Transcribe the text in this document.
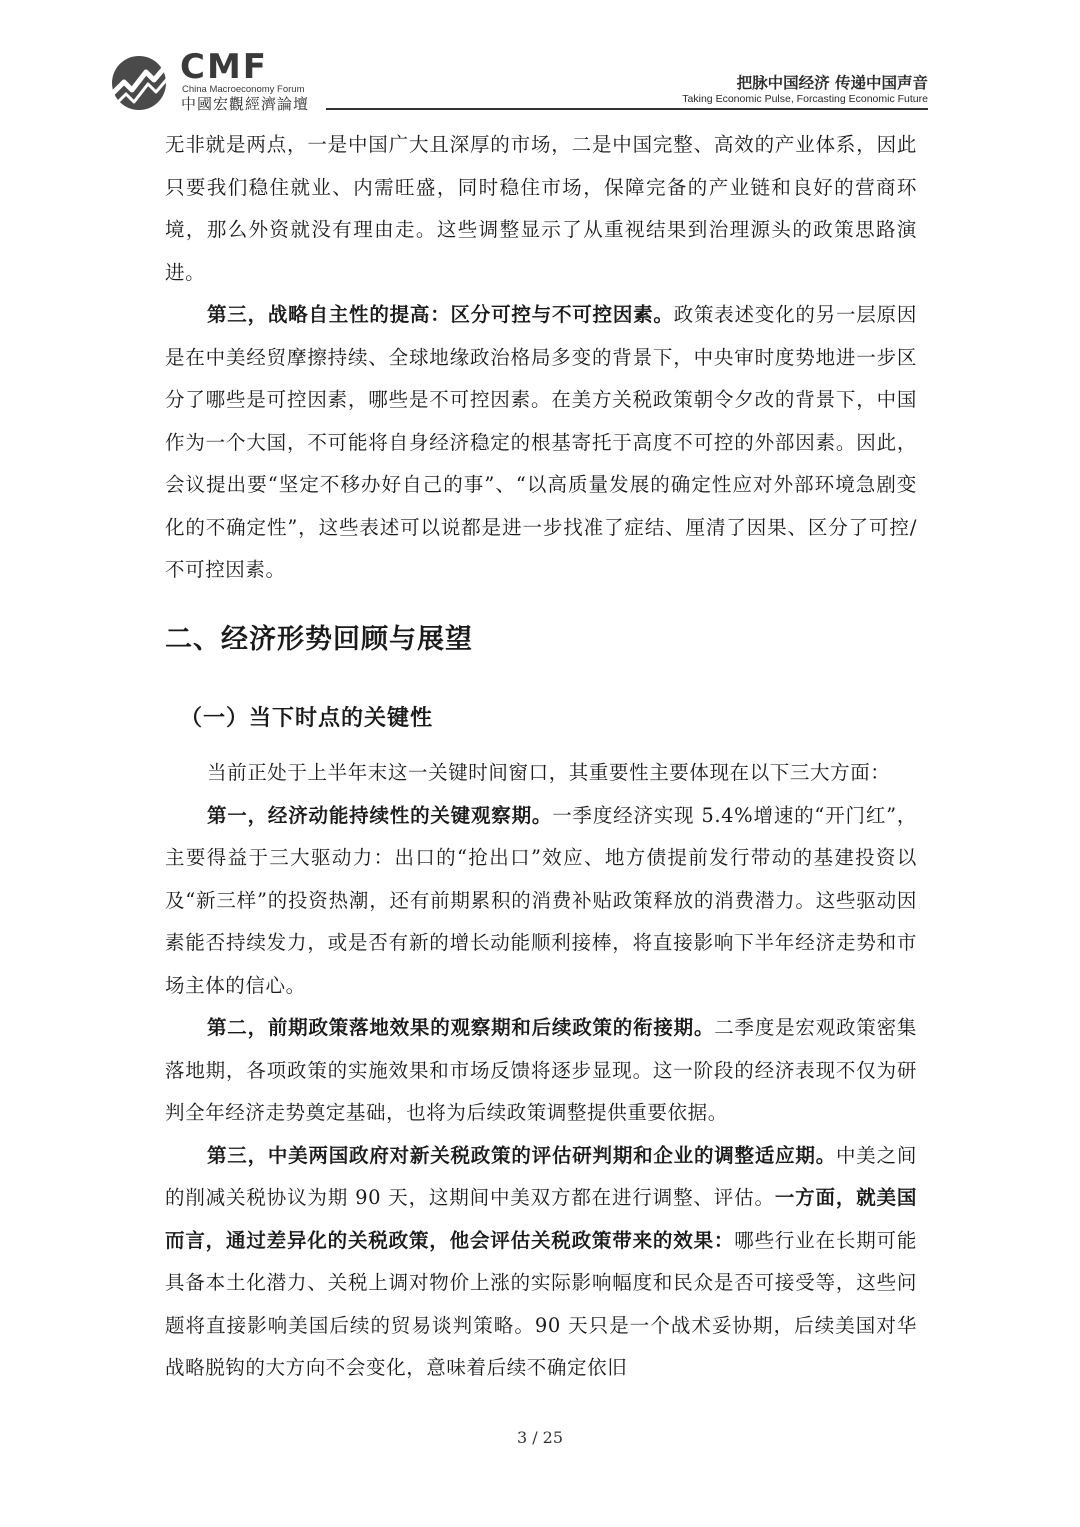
CMF
China Macroeconomy Forum
中國宏觀經濟論壇
把脉中国经济 传递中国声音
Taking Economic Pulse, Forcasting Economic Future

无非就是两点，一是中国广大且深厚的市场，二是中国完整、高效的产业体系，因此只要我们稳住就业、内需旺盛，同时稳住市场，保障完备的产业链和良好的营商环境，那么外资就没有理由走。这些调整显示了从重视结果到治理源头的政策思路演进。

第三，战略自主性的提高：区分可控与不可控因素。政策表述变化的另一层原因是在中美经贸摩擦持续、全球地缘政治格局多变的背景下，中央审时度势地进一步区分了哪些是可控因素，哪些是不可控因素。在美方关税政策朝令夕改的背景下，中国作为一个大国，不可能将自身经济稳定的根基寄托于高度不可控的外部因素。因此，会议提出要“坚定不移办好自己的事”、“以高质量发展的确定性应对外部环境急剧变化的不确定性”，这些表述可以说都是进一步找准了症结、厘清了因果、区分了可控/不可控因素。

二、经济形势回顾与展望
（一）当下时点的关键性

当前正处于上半年末这一关键时间窗口，其重要性主要体现在以下三大方面：

第一，经济动能持续性的关键观察期。一季度经济实现 5.4%增速的“开门红”，主要得益于三大驱动力：出口的“抢出口”效应、地方债提前发行带动的基建投资以及“新三样”的投资热潮，还有前期累积的消费补贴政策释放的消费潜力。这些驱动因素能否持续发力，或是否有新的增长动能顺利接棒，将直接影响下半年经济走势和市场主体的信心。

第二，前期政策落地效果的观察期和后续政策的衔接期。二季度是宏观政策密集落地期，各项政策的实施效果和市场反馈将逐步显现。这一阶段的经济表现不仅为研判全年经济走势奠定基础，也将为后续政策调整提供重要依据。

第三，中美两国政府对新关税政策的评估研判期和企业的调整适应期。中美之间的削减关税协议为期 90 天，这期间中美双方都在进行调整、评估。一方面，就美国而言，通过差异化的关税政策，他会评估关税政策带来的效果：哪些行业在长期可能具备本土化潜力、关税上调对物价上涨的实际影响幅度和民众是否可接受等，这些问题将直接影响美国后续的贸易谈判策略。90 天只是一个战术妥协期，后续美国对华战略脱钩的大方向不会变化，意味着后续不确定依旧

3 / 25
